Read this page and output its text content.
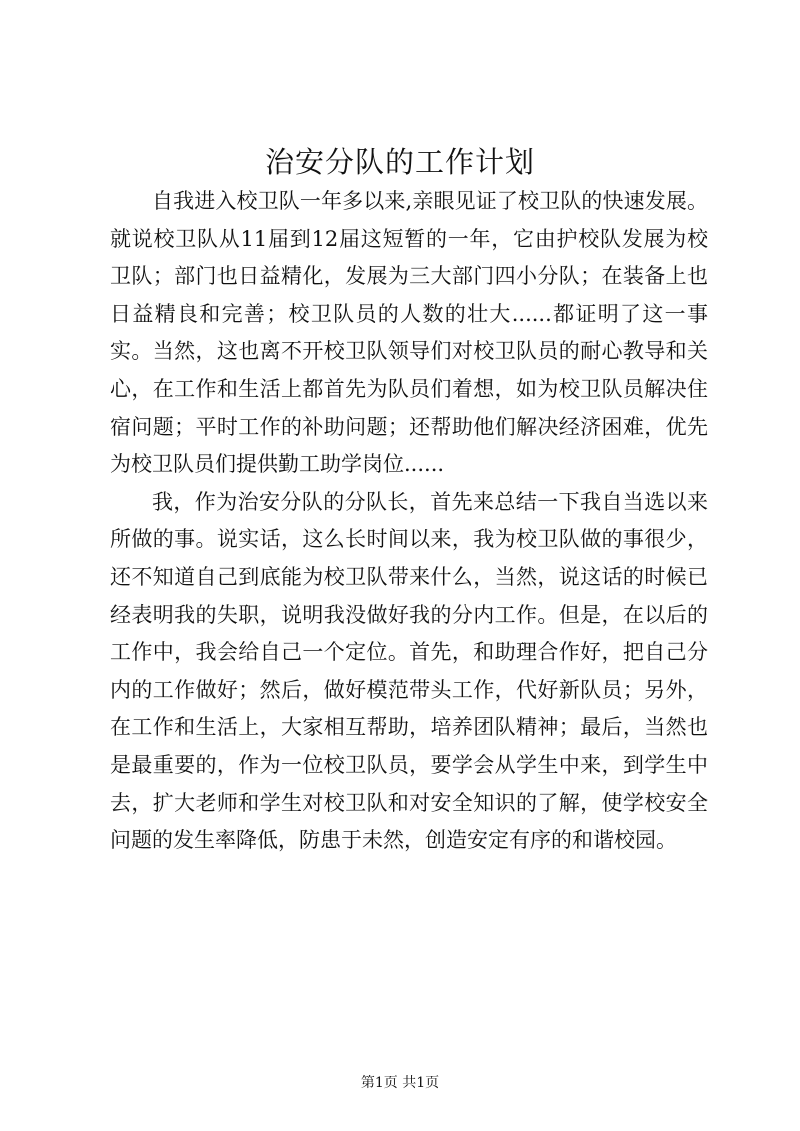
治安分队的工作计划

自我进入校卫队一年多以来,亲眼见证了校卫队的快速发展。就说校卫队从11届到12届这短暂的一年，它由护校队发展为校卫队；部门也日益精化，发展为三大部门四小分队；在装备上也日益精良和完善；校卫队员的人数的壮大......都证明了这一事实。当然，这也离不开校卫队领导们对校卫队员的耐心教导和关心，在工作和生活上都首先为队员们着想，如为校卫队员解决住宿问题；平时工作的补助问题；还帮助他们解决经济困难，优先为校卫队员们提供勤工助学岗位......

我，作为治安分队的分队长，首先来总结一下我自当选以来所做的事。说实话，这么长时间以来，我为校卫队做的事很少，还不知道自己到底能为校卫队带来什么，当然，说这话的时候已经表明我的失职，说明我没做好我的分内工作。但是，在以后的工作中，我会给自己一个定位。首先，和助理合作好，把自己分内的工作做好；然后，做好模范带头工作，代好新队员；另外，在工作和生活上，大家相互帮助，培养团队精神；最后，当然也是最重要的，作为一位校卫队员，要学会从学生中来，到学生中去，扩大老师和学生对校卫队和对安全知识的了解，使学校安全问题的发生率降低，防患于未然，创造安定有序的和谐校园。

第1页 共1页
